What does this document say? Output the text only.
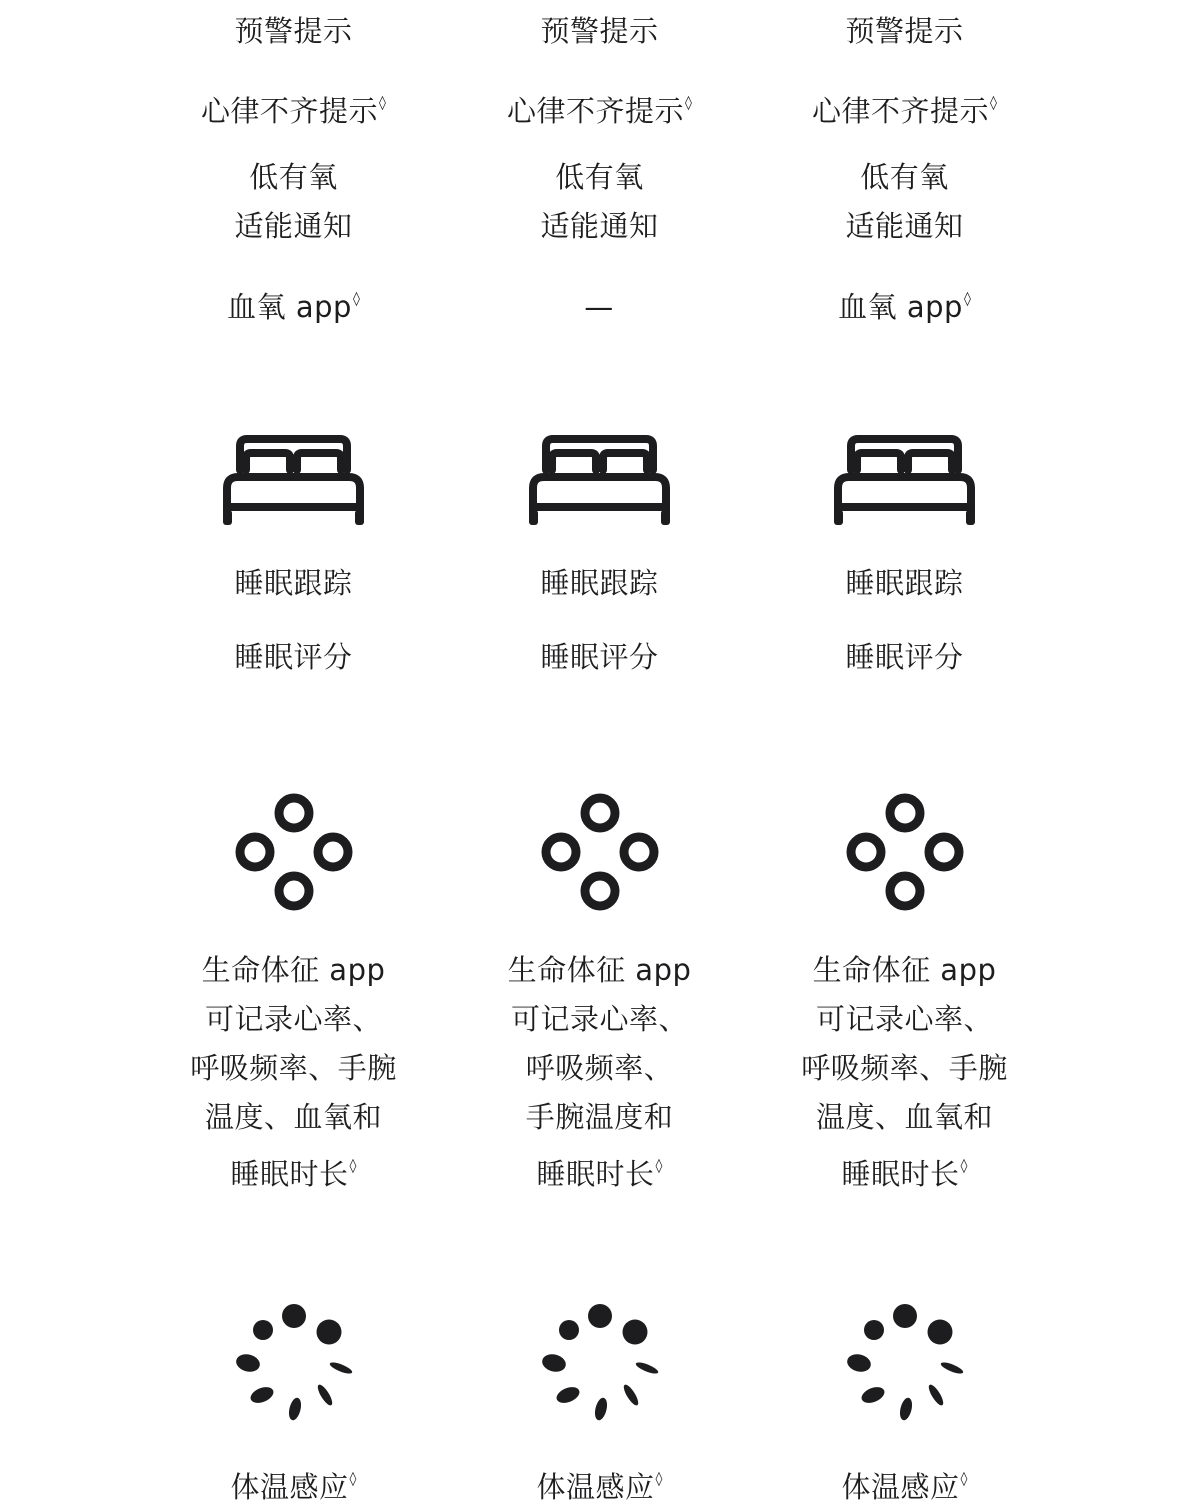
预警提示
心律不齐提示◊
低有氧
适能通知
血氧 app◊
睡眠跟踪
睡眠评分
生命体征 app
可记录心率、
呼吸频率、手腕
温度、血氧和
睡眠时长◊
体温感应◊
预警提示
心律不齐提示◊
低有氧
适能通知
—
睡眠跟踪
睡眠评分
生命体征 app
可记录心率、
呼吸频率、
手腕温度和
睡眠时长◊
体温感应◊
预警提示
心律不齐提示◊
低有氧
适能通知
血氧 app◊
睡眠跟踪
睡眠评分
生命体征 app
可记录心率、
呼吸频率、手腕
温度、血氧和
睡眠时长◊
体温感应◊
